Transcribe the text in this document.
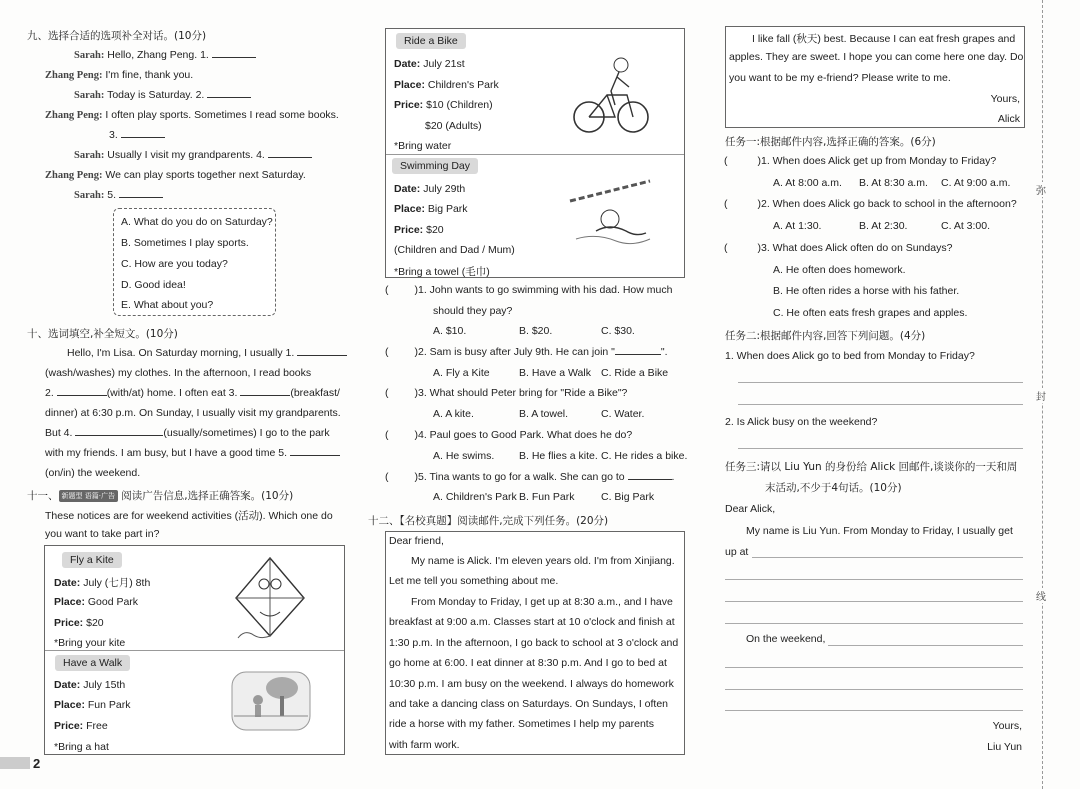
九、选择合适的选项补全对话。(10分)
Sarah: Hello, Zhang Peng. 1.
Zhang Peng: I'm fine, thank you.
Sarah: Today is Saturday. 2.
Zhang Peng: I often play sports. Sometimes I read some books.
3.
Sarah: Usually I visit my grandparents. 4.
Zhang Peng: We can play sports together next Saturday.
Sarah: 5.
A. What do you do on Saturday?
B. Sometimes I play sports.
C. How are you today?
D. Good idea!
E. What about you?
十、选词填空,补全短文。(10分)
Hello, I'm Lisa. On Saturday morning, I usually 1.
(wash/washes) my clothes. In the afternoon, I read books
2.	(with/at) home. I often eat 3.	(breakfast/
dinner) at 6:30 p.m. On Sunday, I usually visit my grandparents.
But 4.	(usually/sometimes) I go to the park
with my friends. I am busy, but I have a good time 5.
(on/in) the weekend.
十一、 新题型 语篇·广告 阅读广告信息,选择正确答案。(10分)
These notices are for weekend activities (活动). Which one do
you want to take part in?
Fly a Kite
Date: July (七月) 8th
Place: Good Park
Price: $20
*Bring your kite
Have a Walk
Date: July 15th
Place: Fun Park
Price: Free
*Bring a hat
2
Ride a Bike
Date: July 21st
Place: Children's Park
Price: $10 (Children)
$20 (Adults)
*Bring water
Swimming Day
Date: July 29th
Place: Big Park
Price: $20
(Children and Dad / Mum)
*Bring a towel (毛巾)
( )1. John wants to go swimming with his dad. How much
should they pay?
A. $10.	B. $20.	C. $30.
( )2. Sam is busy after July 9th. He can join "	".
A. Fly a Kite	B. Have a Walk C. Ride a Bike
( )3. What should Peter bring for "Ride a Bike"?
A. A kite.	B. A towel.	C. Water.
( )4. Paul goes to Good Park. What does he do?
A. He swims. B. He flies a kite. C. He rides a bike.
( )5. Tina wants to go for a walk. She can go to	.
A. Children's Park B. Fun Park	C. Big Park
十二、【名校真题】阅读邮件,完成下列任务。(20分)
Dear friend,
My name is Alick. I'm eleven years old. I'm from Xinjiang.
Let me tell you something about me.
From Monday to Friday, I get up at 8:30 a.m., and I have
breakfast at 9:00 a.m. Classes start at 10 o'clock and finish at
1:30 p.m. In the afternoon, I go back to school at 3 o'clock and
go home at 6:00. I eat dinner at 8:30 p.m. And I go to bed at
10:30 p.m. I am busy on the weekend. I always do homework
and take a dancing class on Saturdays. On Sundays, I often
ride a horse with my father. Sometimes I help my parents
with farm work.
I like fall (秋天) best. Because I can eat fresh grapes and
apples. They are sweet. I hope you can come here one day. Do
you want to be my e-friend? Please write to me.
Yours,
Alick
任务一:根据邮件内容,选择正确的答案。(6分)
(	)1. When does Alick get up from Monday to Friday?
A. At 8:00 a.m. B. At 8:30 a.m. C. At 9:00 a.m.
(	)2. When does Alick go back to school in the afternoon?
A. At 1:30.	B. At 2:30.	C. At 3:00.
(	)3. What does Alick often do on Sundays?
A. He often does homework.
B. He often rides a horse with his father.
C. He often eats fresh grapes and apples.
任务二:根据邮件内容,回答下列问题。(4分)
1. When does Alick go to bed from Monday to Friday?
2. Is Alick busy on the weekend?
任务三:请以 Liu Yun 的身份给 Alick 回邮件,谈谈你的一天和周
末活动,不少于4句话。(10分)
Dear Alick,
My name is Liu Yun. From Monday to Friday, I usually get
up at
On the weekend,
Yours,
Liu Yun
弥
封
线
